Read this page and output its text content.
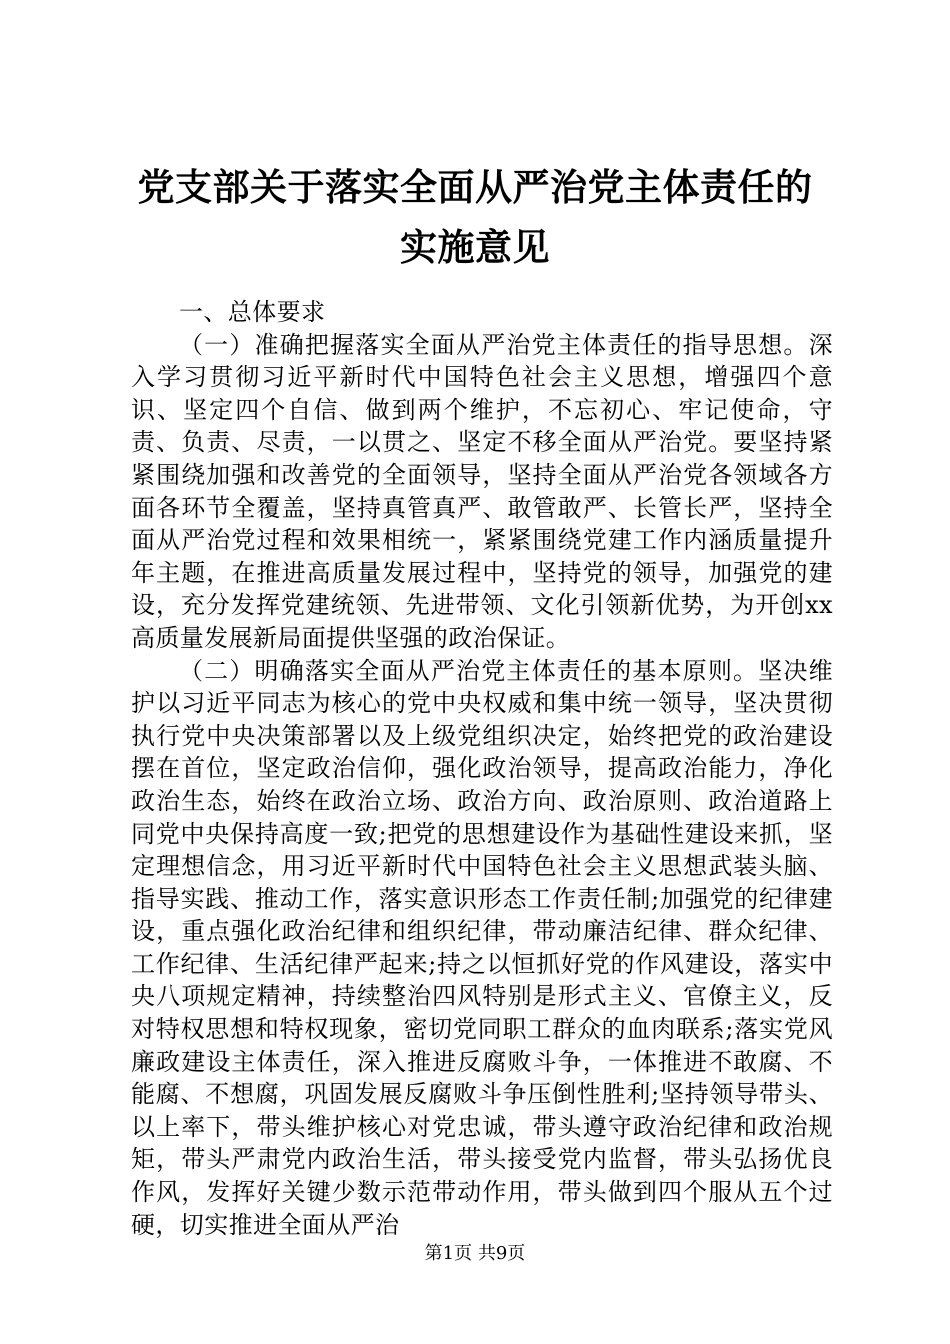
党支部关于落实全面从严治党主体责任的实施意见

一、总体要求

（一）准确把握落实全面从严治党主体责任的指导思想。深入学习贯彻习近平新时代中国特色社会主义思想，增强四个意识、坚定四个自信、做到两个维护，不忘初心、牢记使命，守责、负责、尽责，一以贯之、坚定不移全面从严治党。要坚持紧紧围绕加强和改善党的全面领导，坚持全面从严治党各领域各方面各环节全覆盖，坚持真管真严、敢管敢严、长管长严，坚持全面从严治党过程和效果相统一，紧紧围绕党建工作内涵质量提升年主题，在推进高质量发展过程中，坚持党的领导，加强党的建设，充分发挥党建统领、先进带领、文化引领新优势，为开创xx高质量发展新局面提供坚强的政治保证。

（二）明确落实全面从严治党主体责任的基本原则。坚决维护以习近平同志为核心的党中央权威和集中统一领导，坚决贯彻执行党中央决策部署以及上级党组织决定，始终把党的政治建设摆在首位，坚定政治信仰，强化政治领导，提高政治能力，净化政治生态，始终在政治立场、政治方向、政治原则、政治道路上同党中央保持高度一致;把党的思想建设作为基础性建设来抓，坚定理想信念，用习近平新时代中国特色社会主义思想武装头脑、指导实践、推动工作，落实意识形态工作责任制;加强党的纪律建设，重点强化政治纪律和组织纪律，带动廉洁纪律、群众纪律、工作纪律、生活纪律严起来;持之以恒抓好党的作风建设，落实中央八项规定精神，持续整治四风特别是形式主义、官僚主义，反对特权思想和特权现象，密切党同职工群众的血肉联系;落实党风廉政建设主体责任，深入推进反腐败斗争，一体推进不敢腐、不能腐、不想腐，巩固发展反腐败斗争压倒性胜利;坚持领导带头、以上率下，带头维护核心对党忠诚，带头遵守政治纪律和政治规矩，带头严肃党内政治生活，带头接受党内监督，带头弘扬优良作风，发挥好关键少数示范带动作用，带头做到四个服从五个过硬，切实推进全面从严治

第1页 共9页
